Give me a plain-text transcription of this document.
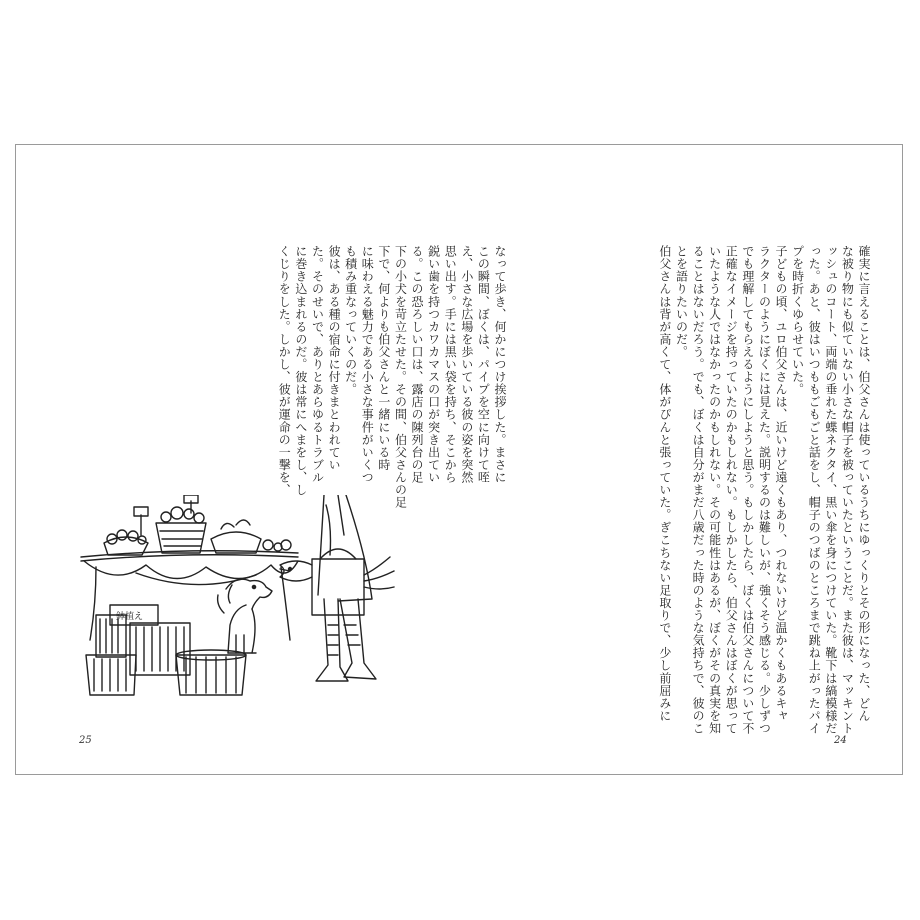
確実に言えることは、伯父さんは使っているうちにゆっくりとその形になった、どん
な被り物にも似ていない小さな帽子を被っていたということだ。また彼は、マッキント
ッシュのコート、両端の垂れた蝶ネクタイ、黒い傘を身につけていた。靴下は縞模様だ
った。あと、彼はいつももごもごと話をし、帽子のつばのところまで跳ね上がったパイ
プを時折くゆらせていた。
子どもの頃、ユロ伯父さんは、近いけど遠くもあり、つれないけど温かくもあるキャ
ラクターのようにぼくには見えた。説明するのは難しいが、強くそう感じる。少しずつ
でも理解してもらえるようにしようと思う。もしかしたら、ぼくは伯父さんについて不
正確なイメージを持っていたのかもしれない。もしかしたら、伯父さんはぼくが思って
いたような人ではなかったのかもしれない。その可能性はあるが、ぼくがその真実を知
ることはないだろう。でも、ぼくは自分がまだ八歳だった時のような気持ちで、彼のこ
とを語りたいのだ。
伯父さんは背が高くて、体がぴんと張っていた。ぎこちない足取りで、少し前屈みに
なって歩き、何かにつけ挨拶した。まさに
この瞬間、ぼくは、パイプを空に向けて咥
え、小さな広場を歩いている彼の姿を突然
思い出す。手には黒い袋を持ち、そこから
鋭い歯を持つカワカマスの口が突き出てい
る。この恐ろしい口は、露店の陳列台の足
下の小犬を苛立たせた。その間、伯父さんの足
下で、何よりも伯父さんと一緒にいる時
に味わえる魅力である小さな事件がいくつ
も積み重なっていくのだ。
彼は、ある種の宿命に付きまとわれてい
た。そのせいで、ありとあらゆるトラブル
に巻き込まれるのだ。彼は常にへまをし、し
くじりをした。しかし、彼が運命の一撃を、
鉢植え
25	24
